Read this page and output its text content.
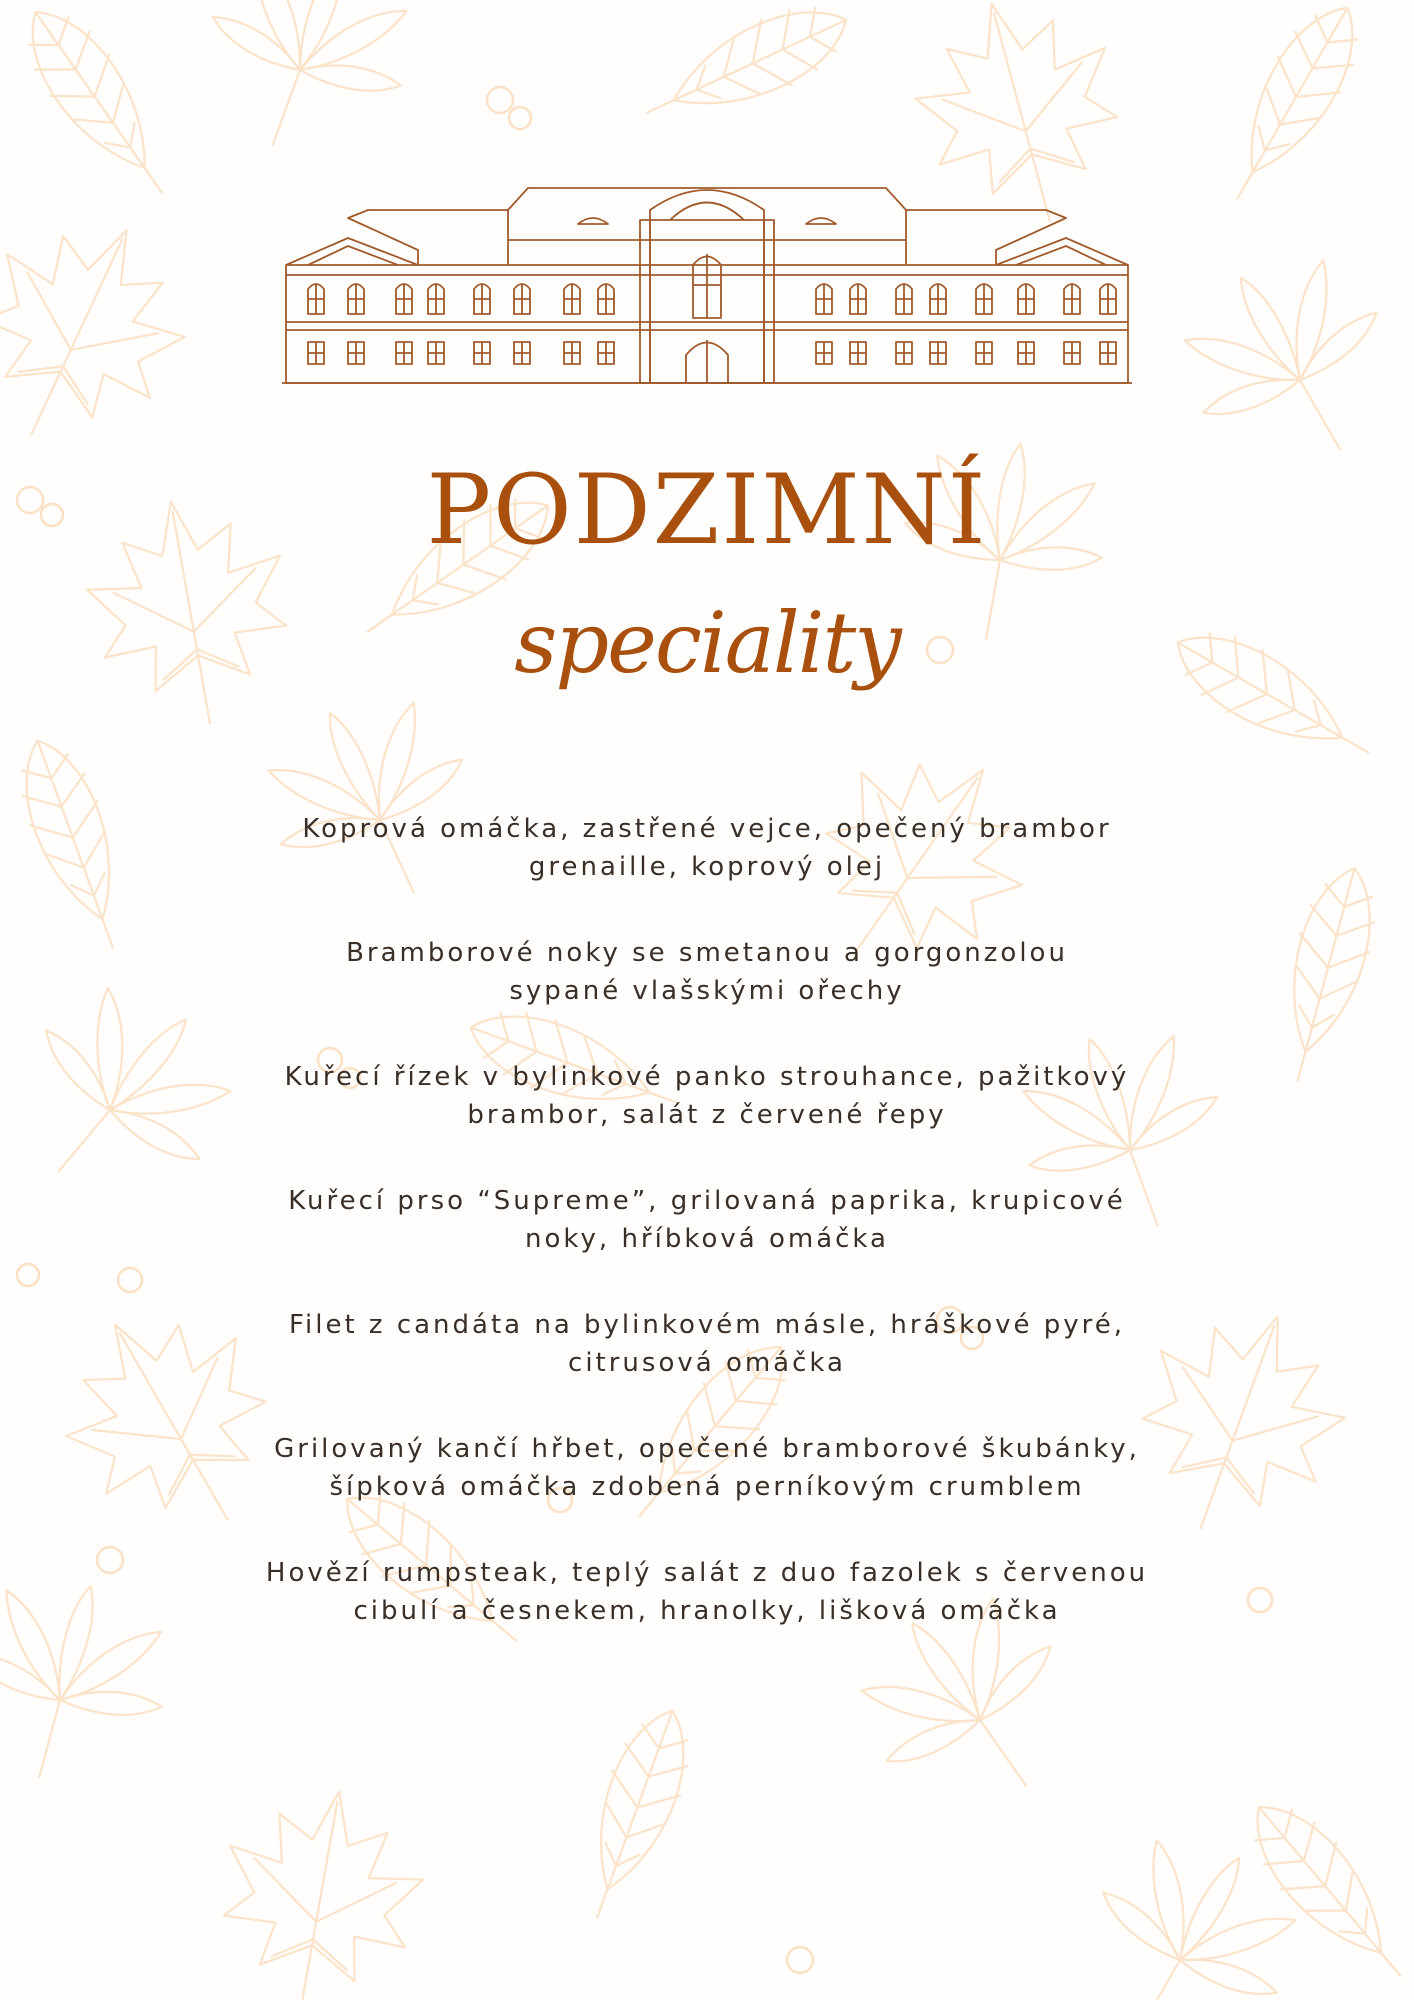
PODZIMNÍ
speciality
Koprová omáčka, zastřené vejce, opečený brambor
grenaille, koprový olej
Bramborové noky se smetanou a gorgonzolou
sypané vlašskými ořechy
Kuřecí řízek v bylinkové panko strouhance, pažitkový
brambor, salát z červené řepy
Kuřecí prso “Supreme”, grilovaná paprika, krupicové
noky, hříbková omáčka
Filet z candáta na bylinkovém másle, hráškové pyré,
citrusová omáčka
Grilovaný kančí hřbet, opečené bramborové škubánky,
šípková omáčka zdobená perníkovým crumblem
Hovězí rumpsteak, teplý salát z duo fazolek s červenou
cibulí a česnekem, hranolky, lišková omáčka
